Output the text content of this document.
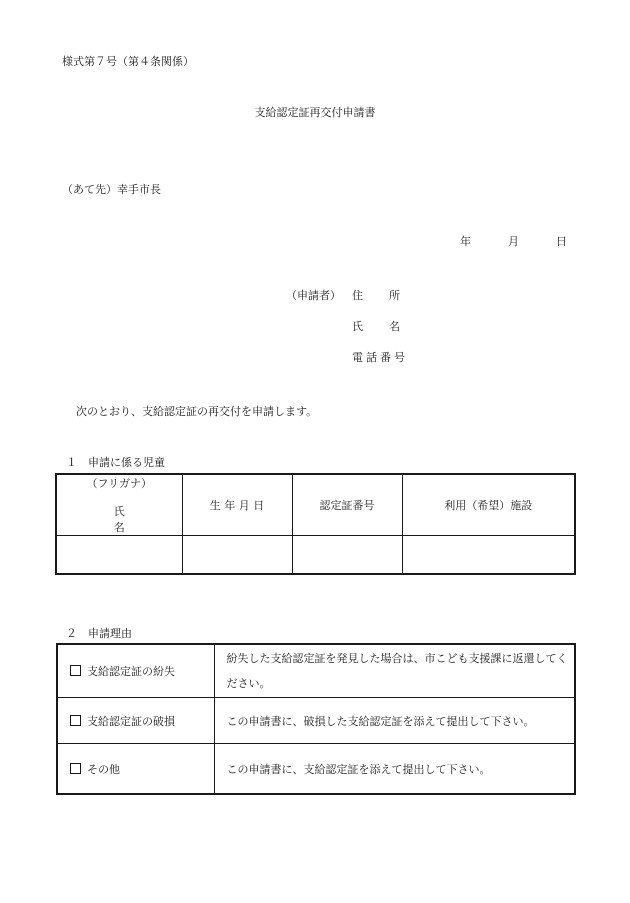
様式第７号（第４条関係）
支給認定証再交付申請書
（あて先）幸手市長
年	月	日
（申請者） 住所
氏名
電話番号
次のとおり、支給認定証の再交付を申請します。
１　申請に係る児童
（フリガナ）
氏名	生 年 月 日	認定証番号	利用（希望）施設

２　申請理由
支給認定証の紛失	紛失した支給認定証を発見した場合は、市こども支援課に返還してください。
支給認定証の破損	この申請書に、破損した支給認定証を添えて提出して下さい。
その他	この申請書に、支給認定証を添えて提出して下さい。
